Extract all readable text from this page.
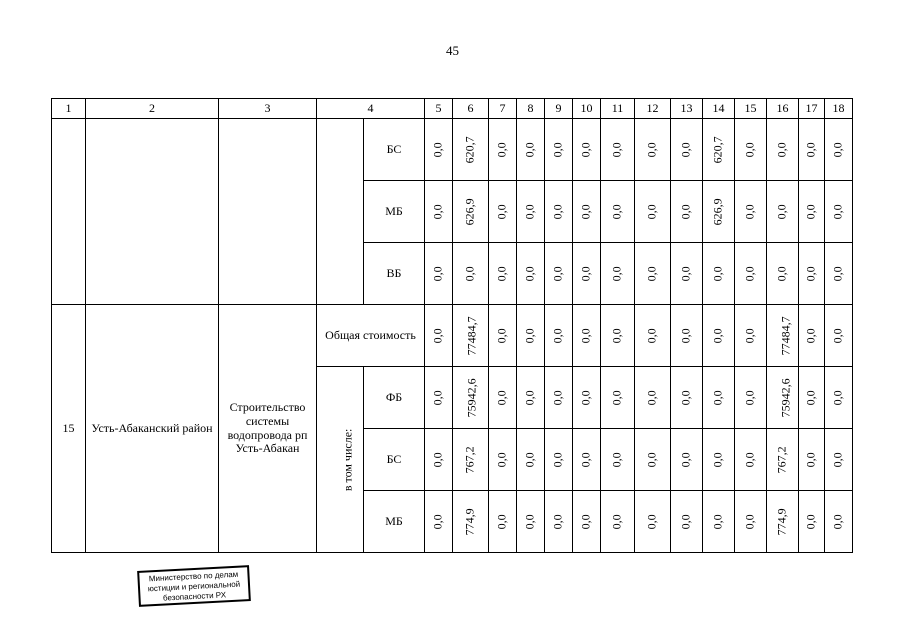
45
1	2	3	4		5	6	7	8	9	10	11	12	13	14	15	16	17	18
				БС	0,0	620,7	0,0	0,0	0,0	0,0	0,0	0,0	0,0	620,7	0,0	0,0	0,0	0,0
				МБ	0,0	626,9	0,0	0,0	0,0	0,0	0,0	0,0	0,0	626,9	0,0	0,0	0,0	0,0
				ВБ	0,0	0,0	0,0	0,0	0,0	0,0	0,0	0,0	0,0	0,0	0,0	0,0	0,0	0,0
15	Усть-Абаканский район	Строительство системы водопровода рп Усть-Абакан	Общая стоимость		0,0	77484,7	0,0	0,0	0,0	0,0	0,0	0,0	0,0	0,0	0,0	77484,7	0,0	0,0
			в том числе:	ФБ	0,0	75942,6	0,0	0,0	0,0	0,0	0,0	0,0	0,0	0,0	0,0	75942,6	0,0	0,0
				БС	0,0	767,2	0,0	0,0	0,0	0,0	0,0	0,0	0,0	0,0	0,0	767,2	0,0	0,0
				МБ	0,0	774,9	0,0	0,0	0,0	0,0	0,0	0,0	0,0	0,0	0,0	774,9	0,0	0,0
Министерство по делам
юстиции и региональной
безопасности РХ
